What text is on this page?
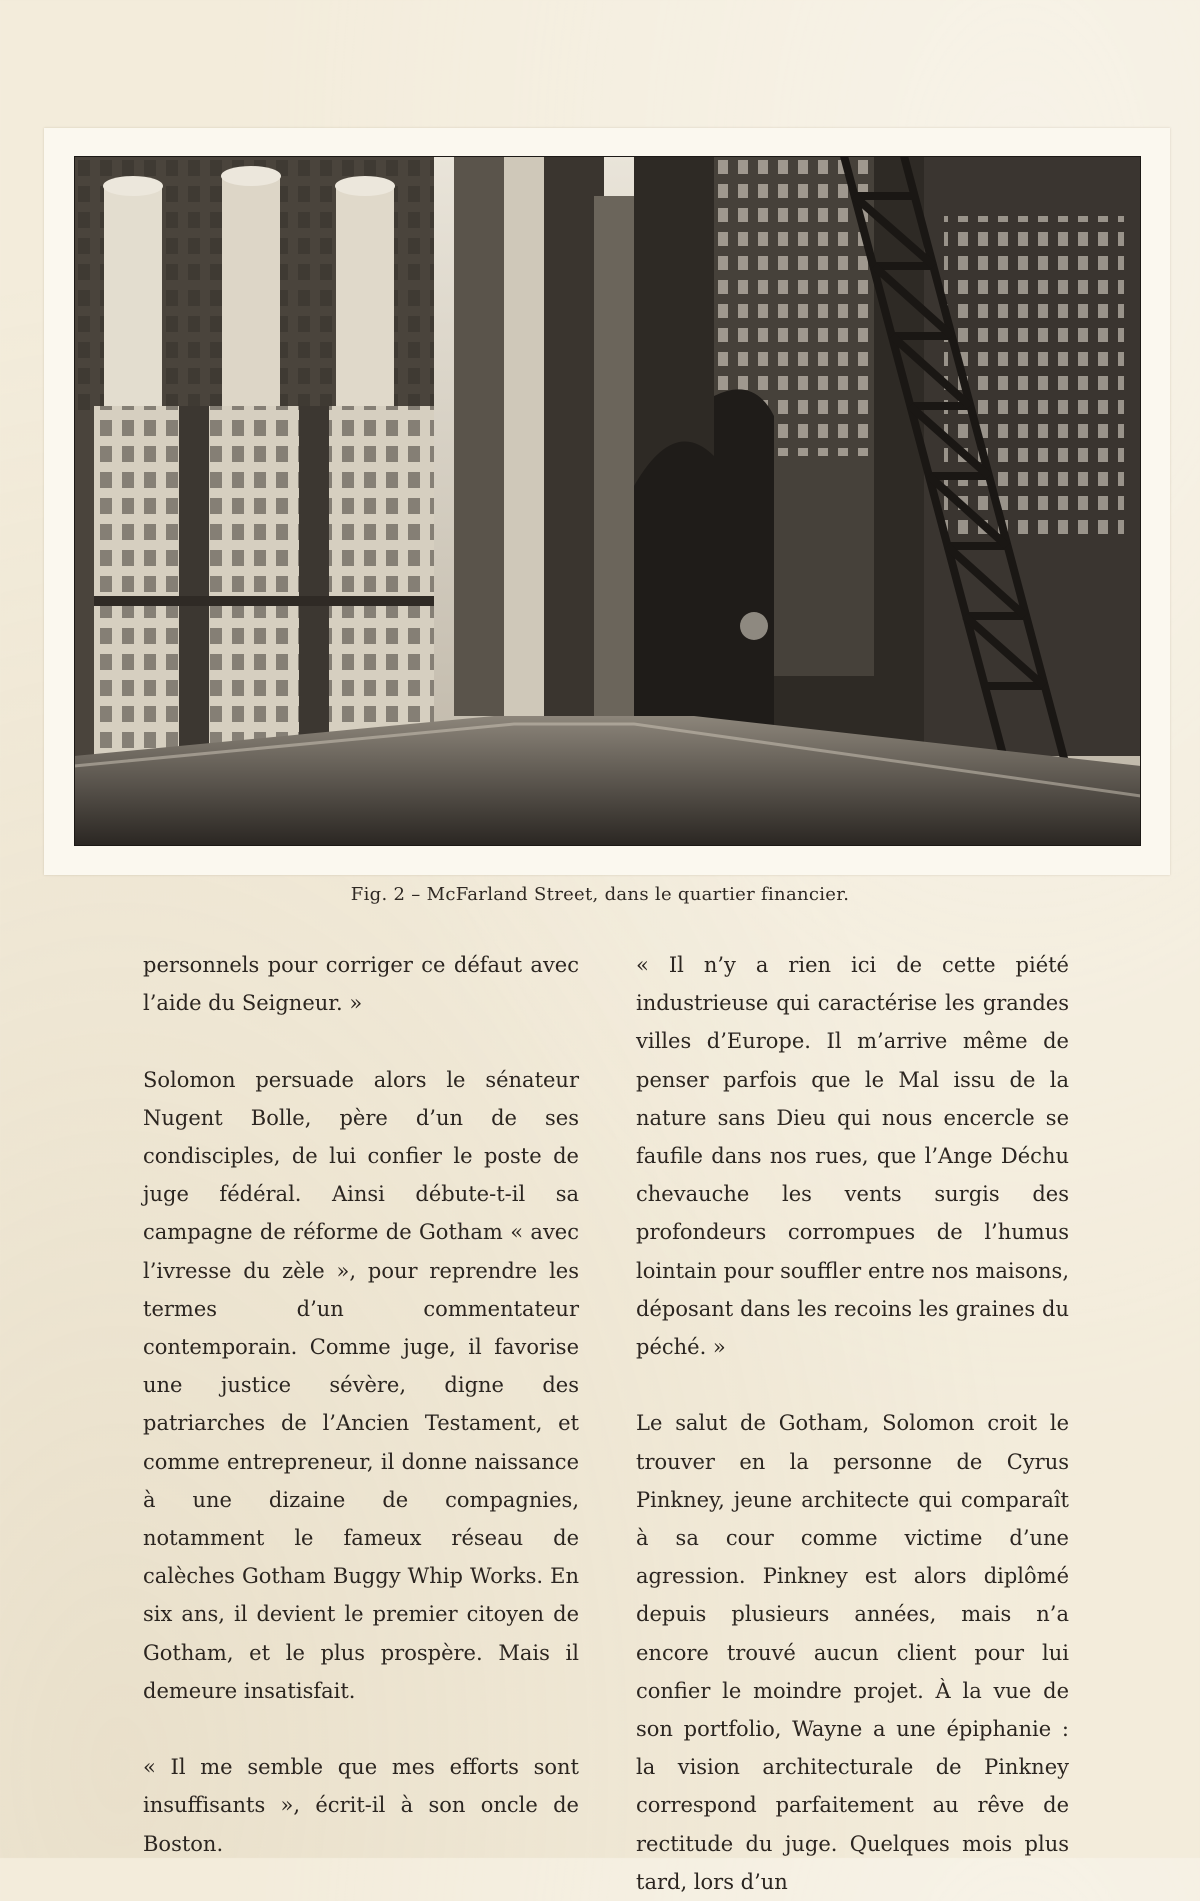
Fig. 2 – McFarland Street, dans le quartier financier.

personnels pour corriger ce défaut avec l’aide du Seigneur. »

Solomon persuade alors le sénateur Nugent Bolle, père d’un de ses condisciples, de lui confier le poste de juge fédéral. Ainsi débute-t-il sa campagne de réforme de Gotham « avec l’ivresse du zèle », pour reprendre les termes d’un commentateur contemporain. Comme juge, il favorise une justice sévère, digne des patriarches de l’Ancien Testament, et comme entrepreneur, il donne naissance à une dizaine de compagnies, notamment le fameux réseau de calèches Gotham Buggy Whip Works. En six ans, il devient le premier citoyen de Gotham, et le plus prospère. Mais il demeure insatisfait.

« Il me semble que mes efforts sont insuffisants », écrit-il à son oncle de Boston.

« Il n’y a rien ici de cette piété industrieuse qui caractérise les grandes villes d’Europe. Il m’arrive même de penser parfois que le Mal issu de la nature sans Dieu qui nous encercle se faufile dans nos rues, que l’Ange Déchu chevauche les vents surgis des profondeurs corrompues de l’humus lointain pour souffler entre nos maisons, déposant dans les recoins les graines du péché. »

Le salut de Gotham, Solomon croit le trouver en la personne de Cyrus Pinkney, jeune architecte qui comparaît à sa cour comme victime d’une agression. Pinkney est alors diplômé depuis plusieurs années, mais n’a encore trouvé aucun client pour lui confier le moindre projet. À la vue de son portfolio, Wayne a une épiphanie : la vision architecturale de Pinkney correspond parfaitement au rêve de rectitude du juge. Quelques mois plus tard, lors d’un
